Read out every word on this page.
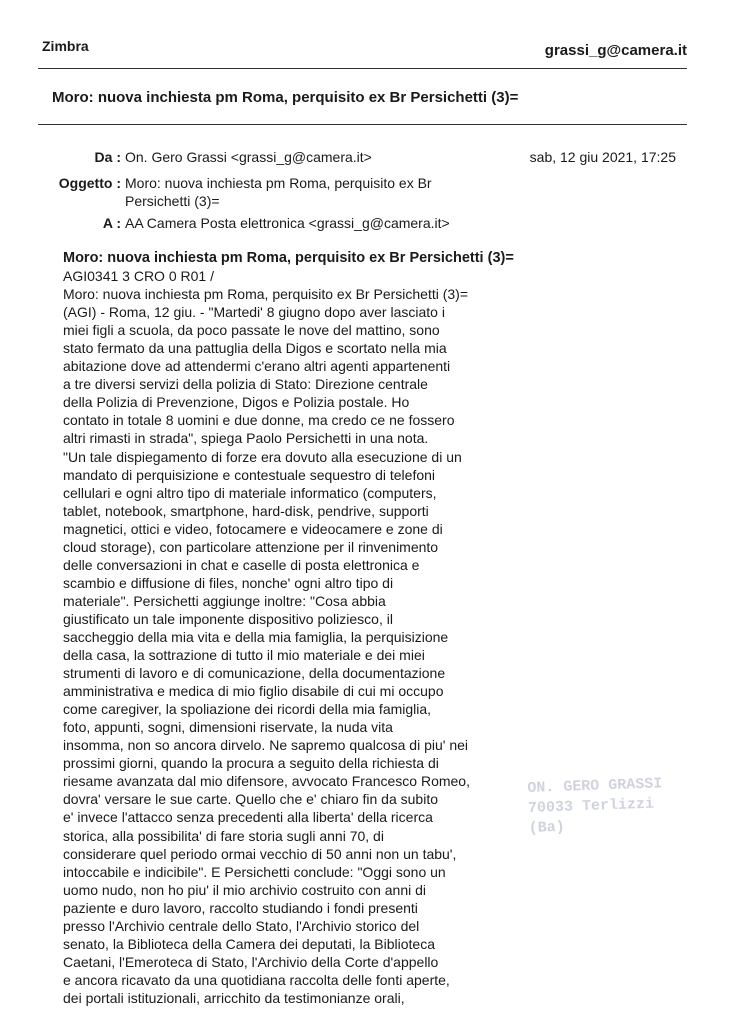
Zimbra	grassi_g@camera.it
Moro: nuova inchiesta pm Roma, perquisito ex Br Persichetti (3)=
Da : On. Gero Grassi <grassi_g@camera.it>	sab, 12 giu 2021, 17:25
Oggetto : Moro: nuova inchiesta pm Roma, perquisito ex Br
Persichetti (3)=
A : AA Camera Posta elettronica <grassi_g@camera.it>
Moro: nuova inchiesta pm Roma, perquisito ex Br Persichetti (3)=
AGI0341 3 CRO 0 R01 /
Moro: nuova inchiesta pm Roma, perquisito ex Br Persichetti (3)=
(AGI) - Roma, 12 giu. - "Martedi' 8 giugno dopo aver lasciato i
miei figli a scuola, da poco passate le nove del mattino, sono
stato fermato da una pattuglia della Digos e scortato nella mia
abitazione dove ad attendermi c'erano altri agenti appartenenti
a tre diversi servizi della polizia di Stato: Direzione centrale
della Polizia di Prevenzione, Digos e Polizia postale. Ho
contato in totale 8 uomini e due donne, ma credo ce ne fossero
altri rimasti in strada", spiega Paolo Persichetti in una nota.
"Un tale dispiegamento di forze era dovuto alla esecuzione di un
mandato di perquisizione e contestuale sequestro di telefoni
cellulari e ogni altro tipo di materiale informatico (computers,
tablet, notebook, smartphone, hard-disk, pendrive, supporti
magnetici, ottici e video, fotocamere e videocamere e zone di
cloud storage), con particolare attenzione per il rinvenimento
delle conversazioni in chat e caselle di posta elettronica e
scambio e diffusione di files, nonche' ogni altro tipo di
materiale". Persichetti aggiunge inoltre: "Cosa abbia
giustificato un tale imponente dispositivo poliziesco, il
saccheggio della mia vita e della mia famiglia, la perquisizione
della casa, la sottrazione di tutto il mio materiale e dei miei
strumenti di lavoro e di comunicazione, della documentazione
amministrativa e medica di mio figlio disabile di cui mi occupo
come caregiver, la spoliazione dei ricordi della mia famiglia,
foto, appunti, sogni, dimensioni riservate, la nuda vita
insomma, non so ancora dirvelo. Ne sapremo qualcosa di piu' nei
prossimi giorni, quando la procura a seguito della richiesta di
riesame avanzata dal mio difensore, avvocato Francesco Romeo,
dovra' versare le sue carte. Quello che e' chiaro fin da subito
e' invece l'attacco senza precedenti alla liberta' della ricerca
storica, alla possibilita' di fare storia sugli anni 70, di
considerare quel periodo ormai vecchio di 50 anni non un tabu',
intoccabile e indicibile". E Persichetti conclude: "Oggi sono un
uomo nudo, non ho piu' il mio archivio costruito con anni di
paziente e duro lavoro, raccolto studiando i fondi presenti
presso l'Archivio centrale dello Stato, l'Archivio storico del
senato, la Biblioteca della Camera dei deputati, la Biblioteca
Caetani, l'Emeroteca di Stato, l'Archivio della Corte d'appello
e ancora ricavato da una quotidiana raccolta delle fonti aperte,
dei portali istituzionali, arricchito da testimonianze orali,
ON. GERO GRASSI
70033 Terlizzi (Ba)
